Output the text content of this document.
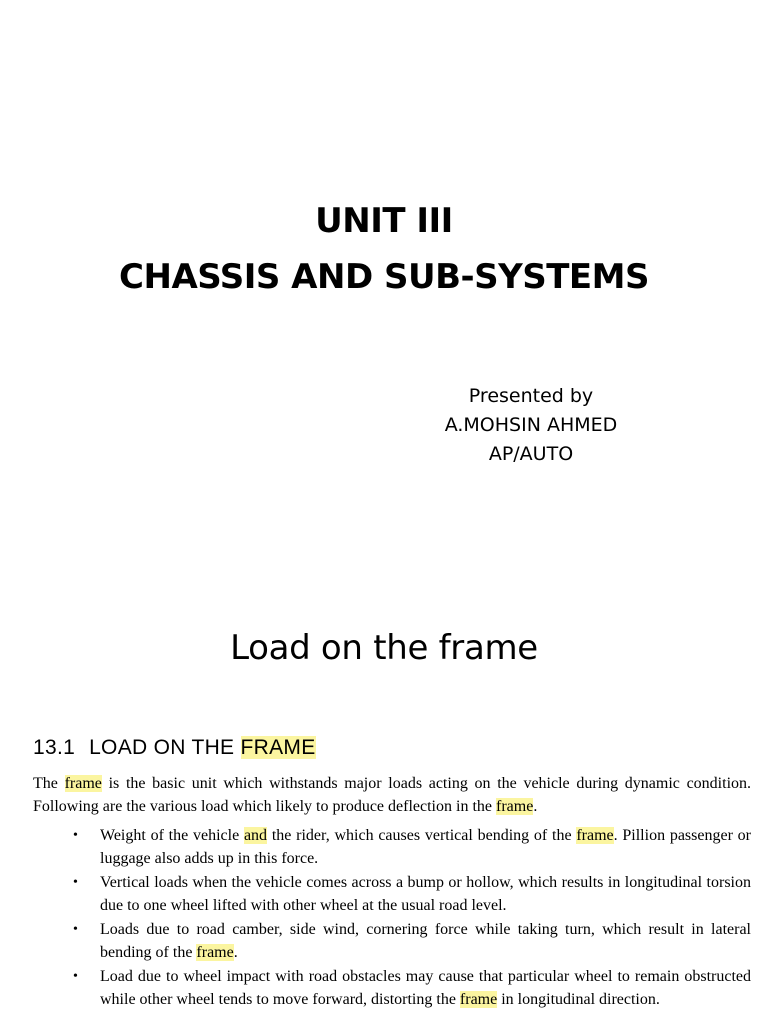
UNIT III
CHASSIS AND SUB-SYSTEMS
Presented by
A.MOHSIN AHMED
AP/AUTO
Load on the frame
13.1 LOAD ON THE FRAME

The frame is the basic unit which withstands major loads acting on the vehicle during dynamic condition. Following are the various load which likely to produce deflection in the frame.

• Weight of the vehicle and the rider, which causes vertical bending of the frame. Pillion passenger or luggage also adds up in this force.
• Vertical loads when the vehicle comes across a bump or hollow, which results in longitudinal torsion due to one wheel lifted with other wheel at the usual road level.
• Loads due to road camber, side wind, cornering force while taking turn, which result in lateral bending of the frame.
• Load due to wheel impact with road obstacles may cause that particular wheel to remain obstructed while other wheel tends to move forward, distorting the frame in longitudinal direction.
